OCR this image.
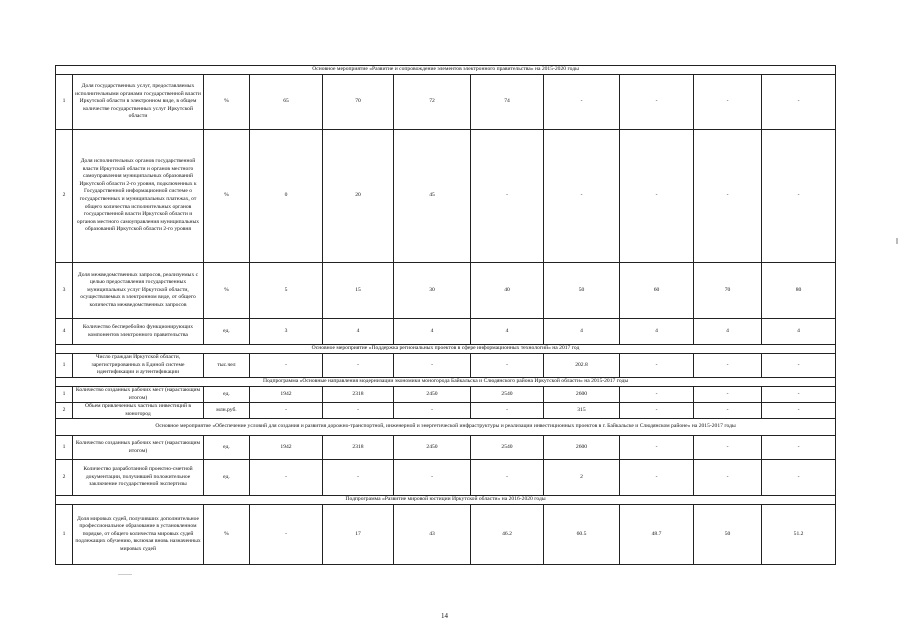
Основное мероприятие «Развитие и сопровождение элементов электронного правительства» на 2015-2020 годы										
1	Доля государственных услуг, предоставляемых исполнительными органами государственной власти Иркутской области в электронном виде, в общем количестве государственных услуг Иркутской области	%	65	70	72	74	-	-	-	-
2	Доля исполнительных органов государственной власти Иркутской области и органов местного самоуправления муниципальных образований Иркутской области 2-го уровня, подключенных к Государственной информационной системе о государственных и муниципальных платежах, от общего количества исполнительных органов государственной власти Иркутской области и органов местного самоуправления муниципальных образований Иркутской области 2-го уровня	%	0	20	45	-	-	-	-	-
3	Доля межведомственных запросов, реализуемых с целью предоставления государственных муниципальных услуг Иркутской области, осуществляемых в электронном виде, от общего количества межведомственных запросов	%	5	15	30	40	50	60	70	80
4	Количество бесперебойно функционирующих компонентов электронного правительства	ед.	3	4	4	4	4	4	4	4
Основное мероприятие «Поддержка региональных проектов в сфере информационных технологий» на 2017 год										
1	Число граждан Иркутской области, зарегистрированных в Единой системе идентификации и аутентификации	тыс.чел	-	-	-	-	202.8	-	-	-
Подпрограмма «Основные направления модернизации экономики моногорода Байкальска и Слюдянского района Иркутской области» на 2015-2017 годы										
1	Количество созданных рабочих мест (нарастающим итогом)	ед.	1942	2318	2450	2540	2600	-	-	-
2	Объем привлеченных частных инвестиций в моногород	млн.руб.	-	-	-	-	315	-	-	-
Основное мероприятие «Обеспечение условий для создания и развития дорожно-транспортной, инженерной и энергетической инфраструктуры и реализации инвестиционных проектов в г. Байкальске и Слюдянском районе» на 2015-2017 годы										
1	Количество созданных рабочих мест (нарастающим итогом)	ед.	1942	2318	2450	2540	2600	-	-	-
2	Количество разработанной проектно-сметной документации, получившей положительное заключение государственной экспертизы	ед.	-	-	-	-	2	-	-	-
Подпрограмма «Развитие мировой юстиции Иркутской области» на 2016-2020 годы										
1	Доля мировых судей, получивших дополнительное профессиональное образование в установленном порядке, от общего количества мировых судей подлежащих обучению, включая вновь назначенных мировых судей	%	-	17	43	46.2	60.5	48.7	50	51.2
14
